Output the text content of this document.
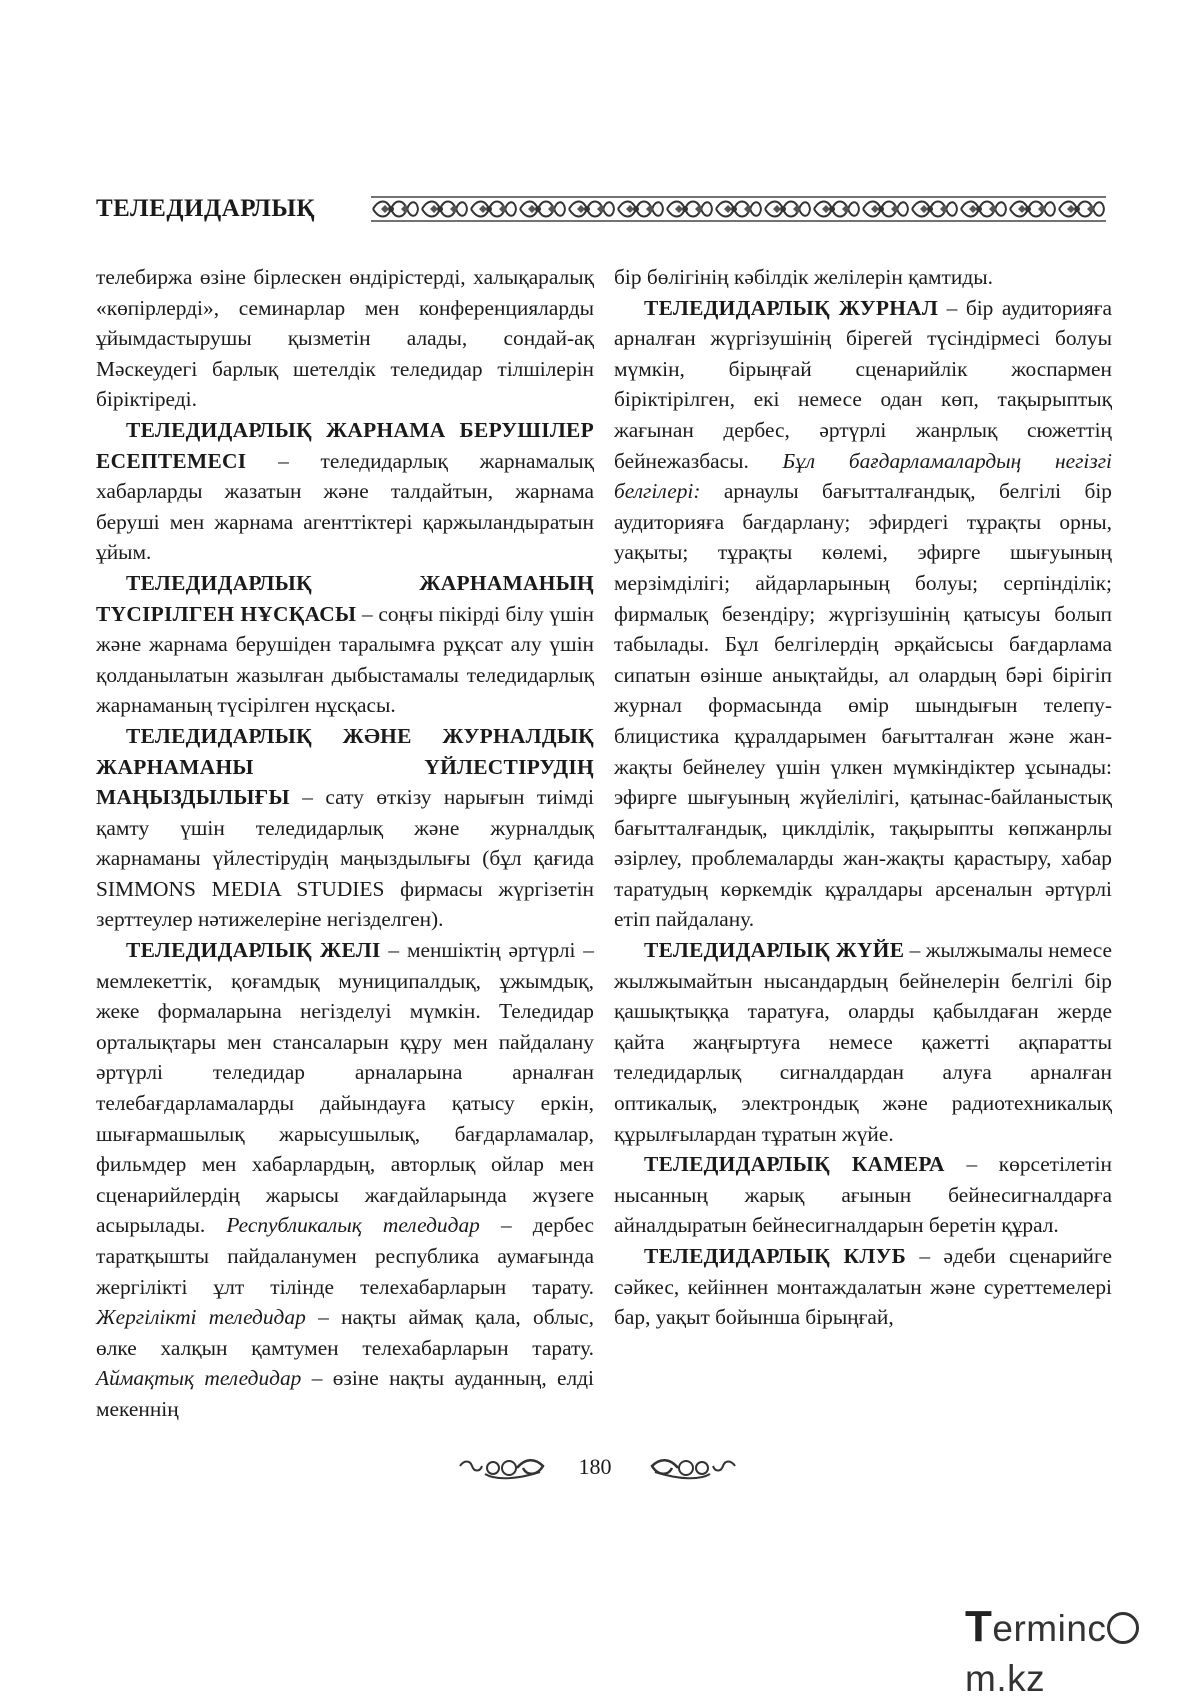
ТЕЛЕДИДАРЛЫҚ

телебиржа өзіне бірлескен өндірістерді, халықаралық «көпірлерді», семинарлар мен конференцияларды ұйымдастырушы қызметін алады, сондай-ақ Мәскеудегі барлық шетелдік теледидар тілшілерін біріктіреді.

ТЕЛЕДИДАРЛЫҚ ЖАРНАМА БЕРУШІЛЕР ЕСЕПТЕМЕСІ – теледидарлық жарнамалық хабарларды жазатын және талдайтын, жарнама беруші мен жарнама агенттіктері қаржыландыратын ұйым.

ТЕЛЕДИДАРЛЫҚ ЖАРНАМАНЫҢ ТҮСІРІЛГЕН НҰСҚАСЫ – соңғы пікірді білу үшін және жарнама берушіден таралымға рұқсат алу үшін қолданылатын жазылған дыбыстамалы теледидарлық жарнаманың түсірілген нұсқасы.

ТЕЛЕДИДАРЛЫҚ ЖӘНЕ ЖУРНАЛДЫҚ ЖАРНАМАНЫ ҮЙЛЕСТІРУДІҢ МАҢЫЗДЫЛЫҒЫ – сату өткізу нарығын тиімді қамту үшін теледидарлық және журналдық жарнаманы үйлестірудің маңыздылығы (бұл қағида SIMMONS MEDIA STUDIES фирмасы жүргізетін зерттеулер нәтижелеріне негізделген).

ТЕЛЕДИДАРЛЫҚ ЖЕЛІ – меншіктің әртүрлі – мемлекеттік, қоғамдық муниципалдық, ұжымдық, жеке формаларына негізделуі мүмкін. Теледидар орталықтары мен стансаларын құру мен пайдалану әртүрлі теледидар арналарына арналған телебағдарламаларды дайындауға қатысу еркін, шығармашылық жарысушылық, бағдарламалар, фильмдер мен хабарлардың, авторлық ойлар мен сценарийлердің жарысы жағдайларында жүзеге асырылады. Республикалық теледидар – дербес таратқышты пайдаланумен республика аумағында жергілікті ұлт тілінде телехабарларын тарату. Жергілікті теледидар – нақты аймақ қала, облыс, өлке халқын қамтумен телехабарларын тарату. Аймақтық теледидар – өзіне нақты ауданның, елді мекеннің

бір бөлігінің кәбілдік желілерін қамтиды.

ТЕЛЕДИДАРЛЫҚ ЖУРНАЛ – бір аудиторияға арналған жүргізушінің бірегей түсіндірмесі болуы мүмкін, бірыңғай сценарийлік жоспармен біріктірілген, екі немесе одан көп, тақырыптық жағынан дербес, әртүрлі жанрлық сюжеттің бейнежазбасы. Бұл бағдарламалардың негізгі белгілері: арнаулы бағытталғандық, белгілі бір аудиторияға бағдарлану; эфирдегі тұрақты орны, уақыты; тұрақты көлемі, эфирге шығуының мерзімділігі; айдарларының болуы; серпінділік; фирмалық безендіру; жүргізушінің қатысуы болып табылады. Бұл белгілердің әрқайсысы бағдарлама сипатын өзінше анықтайды, ал олардың бәрі бірігіп журнал формасында өмір шындығын телепублицистика құралдарымен бағытталған және жан-жақты бейнелеу үшін үлкен мүмкіндіктер ұсынады: эфирге шығуының жүйелілігі, қатынас-байланыстық бағытталғандық, циклділік, тақырыпты көпжанрлы әзірлеу, проблемаларды жан-жақты қарастыру, хабар таратудың көркемдік құралдары арсеналын әртүрлі етіп пайдалану.

ТЕЛЕДИДАРЛЫҚ ЖҮЙЕ – жылжымалы немесе жылжымайтын нысандардың бейнелерін белгілі бір қашықтыққа таратуға, оларды қабылдаған жерде қайта жаңғыртуға немесе қажетті ақпаратты теледидарлық сигналдардан алуға арналған оптикалық, электрондық және радиотехникалық құрылғылардан тұратын жүйе.

ТЕЛЕДИДАРЛЫҚ КАМЕРА – көрсетілетін нысанның жарық ағынын бейнесигналдарға айналдыратын бейнесигналдарын беретін құрал.

ТЕЛЕДИДАРЛЫҚ КЛУБ – әдеби сценарийге сәйкес, кейіннен монтаждалатын және суреттемелері бар, уақыт бойынша бірыңғай,

180
Termincm.kz
